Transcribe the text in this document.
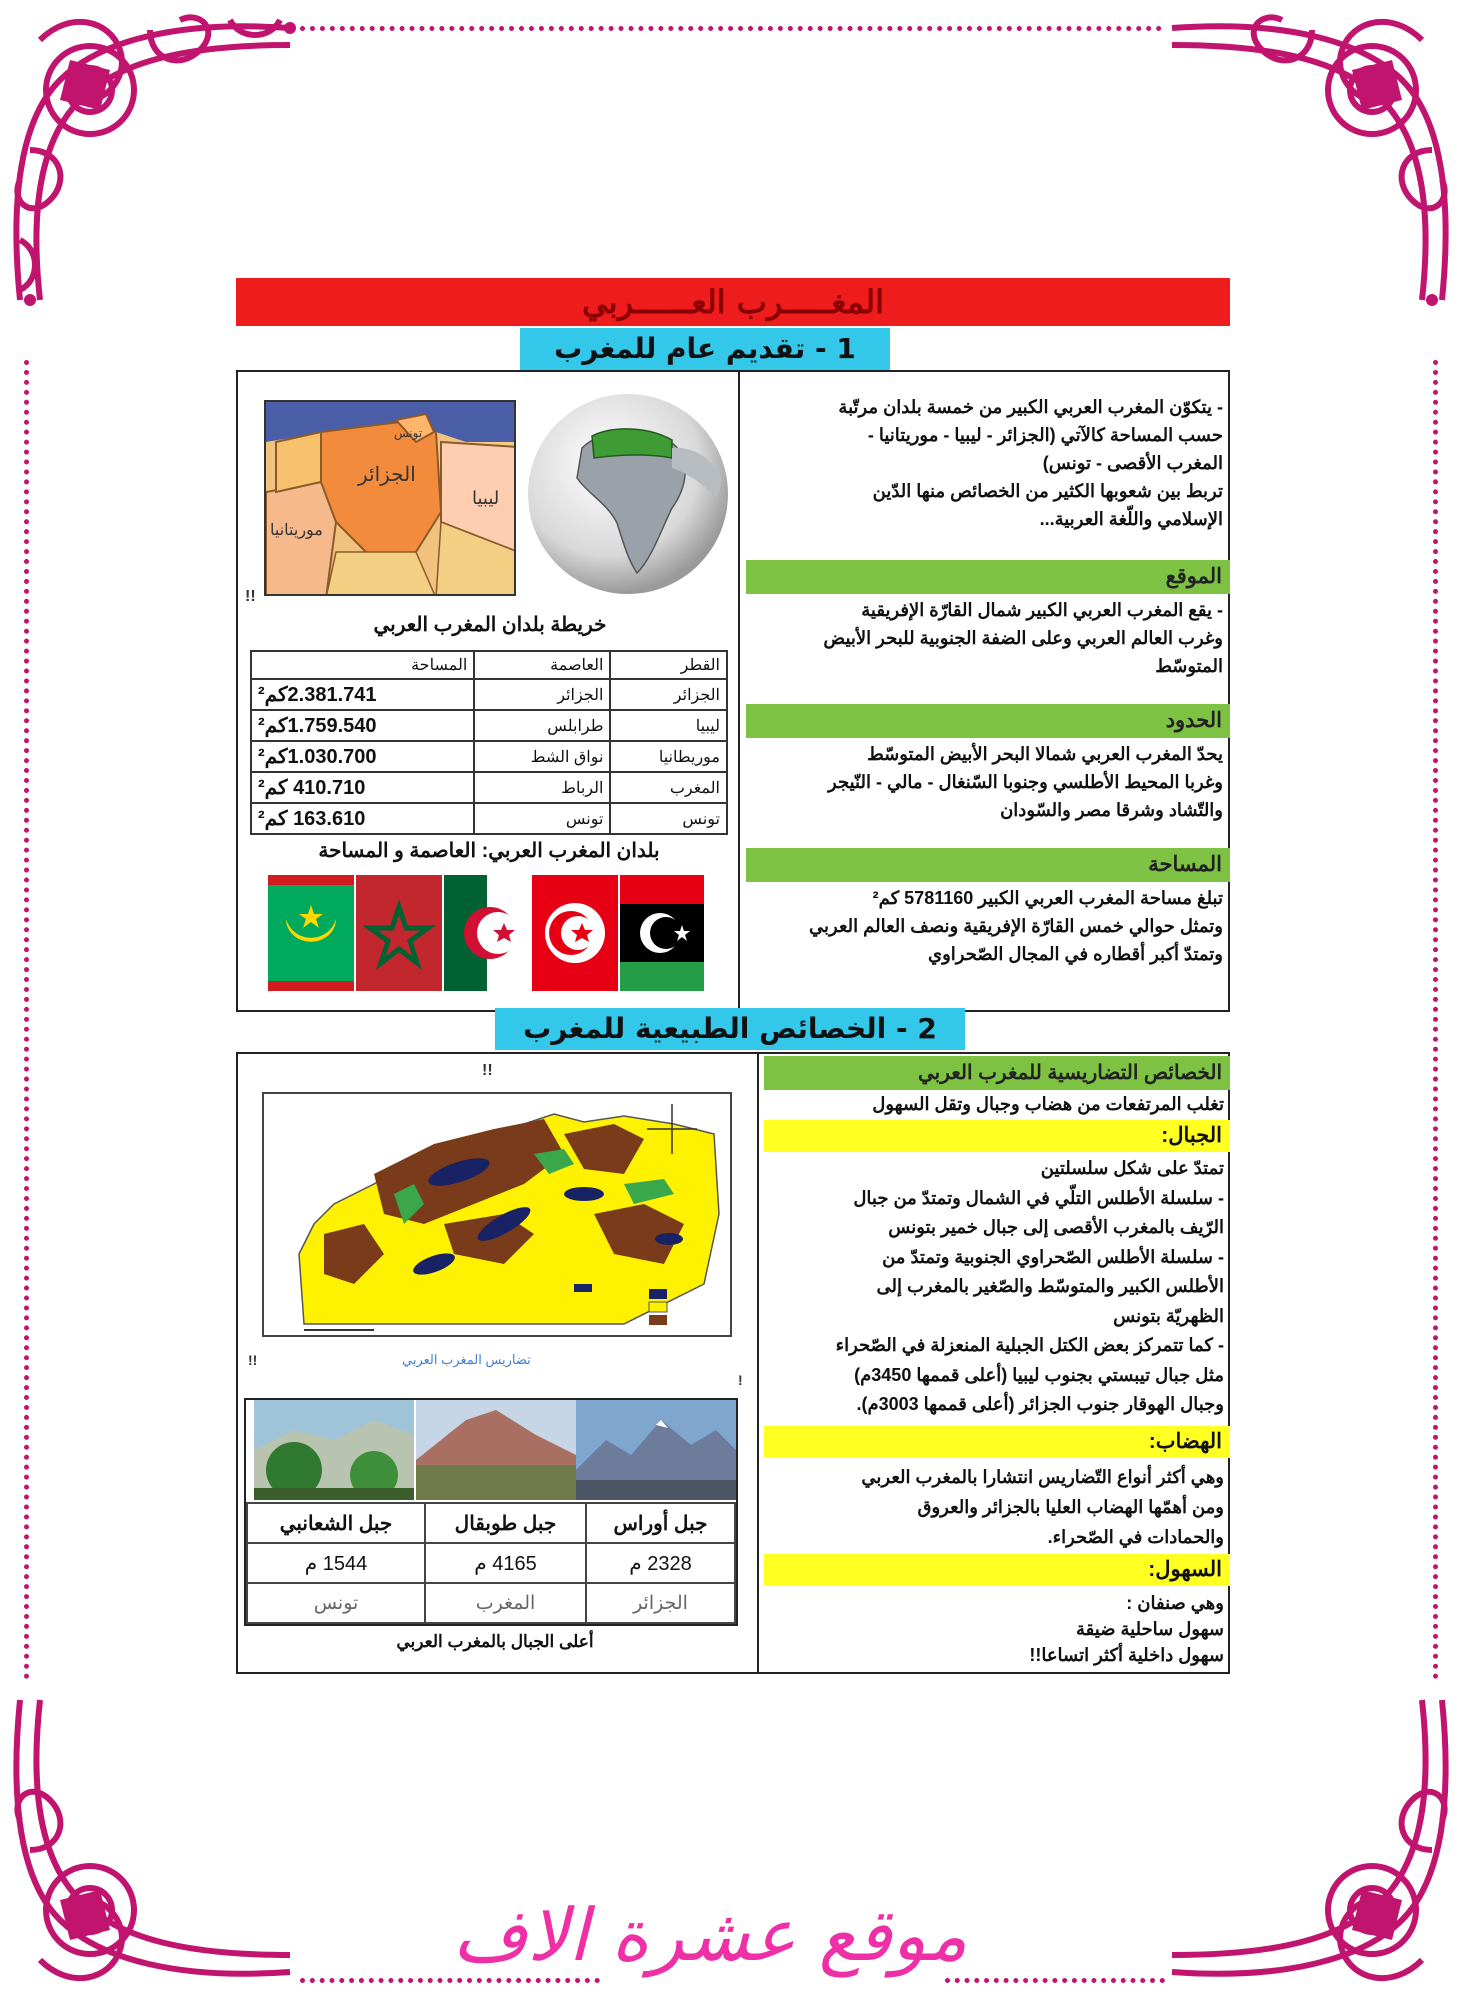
المغـــــرب العــــــربي
1 - تقديم عام للمغرب
- يتكوّن المغرب العربي الكبير من خمسة بلدان مرتّبة
حسب المساحة كالآتي (الجزائر - ليبيا - موريتانيا -
المغرب الأقصى - تونس)
تربط بين شعوبها الكثير من الخصائص منها الدّين
الإسلامي واللّغة العربية...
الموقع
- يقع المغرب العربي الكبير شمال القارّة الإفريقية
وغرب العالم العربي وعلى الضفة الجنوبية للبحر الأبيض
المتوسّط
الحدود
يحدّ المغرب العربي شمالا البحر الأبيض المتوسّط
وغربا المحيط الأطلسي وجنوبا السّنغال - مالي - النّيجر
والتّشاد وشرقا مصر والسّودان
المساحة
تبلغ مساحة المغرب العربي الكبير 5781160 كم²
وتمثل حوالي خمس القارّة الإفريقية ونصف العالم العربي
وتمتدّ أكبر أقطاره في المجال الصّحراوي
الجزائر
ليبيا
موريتانيا
تونس
!!
خريطة بلدان المغرب العربي
القطر	العاصمة	المساحة
الجزائر	الجزائر	2.381.741كم²
ليبيا	طرابلس	1.759.540كم²
موريطانيا	نواق الشط	1.030.700كم²
المغرب	الرباط	410.710 كم²
تونس	تونس	163.610 كم²
بلدان المغرب العربي: العاصمة و المساحة
2 - الخصائص الطبيعية للمغرب
الخصائص التضاريسية للمغرب العربي
تغلب المرتفعات من هضاب وجبال وتقل السهول
الجبال:
تمتدّ على شكل سلسلتين
- سلسلة الأطلس التلّي في الشمال وتمتدّ من جبال
الرّيف بالمغرب الأقصى إلى جبال خمير بتونس
- سلسلة الأطلس الصّحراوي الجنوبية وتمتدّ من
الأطلس الكبير والمتوسّط والصّغير بالمغرب إلى
الظهريّة بتونس
- كما تتمركز بعض الكتل الجبلية المنعزلة في الصّحراء
مثل جبال تيبستي بجنوب ليبيا (أعلى قممها 3450م)
وجبال الهوقار جنوب الجزائر (أعلى قممها 3003م).
الهضاب:
وهي أكثر أنواع التّضاريس انتشارا بالمغرب العربي
ومن أهمّها الهضاب العليا بالجزائر والعروق
والحمادات في الصّحراء.
السهول:
وهي صنفان :
سهول ساحلية ضيقة
سهول داخلية أكثر اتساعا!!
!!
تضاريس المغرب العربي
!!
!
جبل أوراس	جبل طوبقال	جبل الشعانبي
2328 م	4165 م	1544 م
الجزائر	المغرب	تونس
أعلى الجبال بالمغرب العربي
موقع عشرة الاف
